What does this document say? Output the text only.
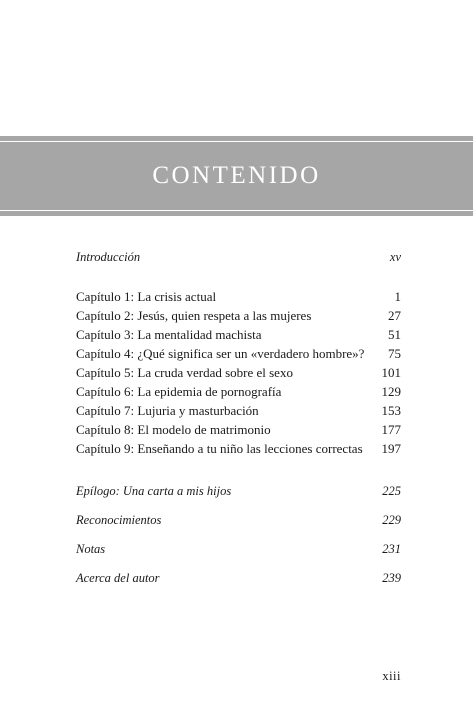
CONTENIDO
Introducción	xv
Capítulo 1: La crisis actual	1
Capítulo 2: Jesús, quien respeta a las mujeres	27
Capítulo 3: La mentalidad machista	51
Capítulo 4: ¿Qué significa ser un «verdadero hombre»?	75
Capítulo 5: La cruda verdad sobre el sexo	101
Capítulo 6: La epidemia de pornografía	129
Capítulo 7: Lujuria y masturbación	153
Capítulo 8: El modelo de matrimonio	177
Capítulo 9: Enseñando a tu niño las lecciones correctas	197
Epílogo: Una carta a mis hijos	225
Reconocimientos	229
Notas	231
Acerca del autor	239
xiii
